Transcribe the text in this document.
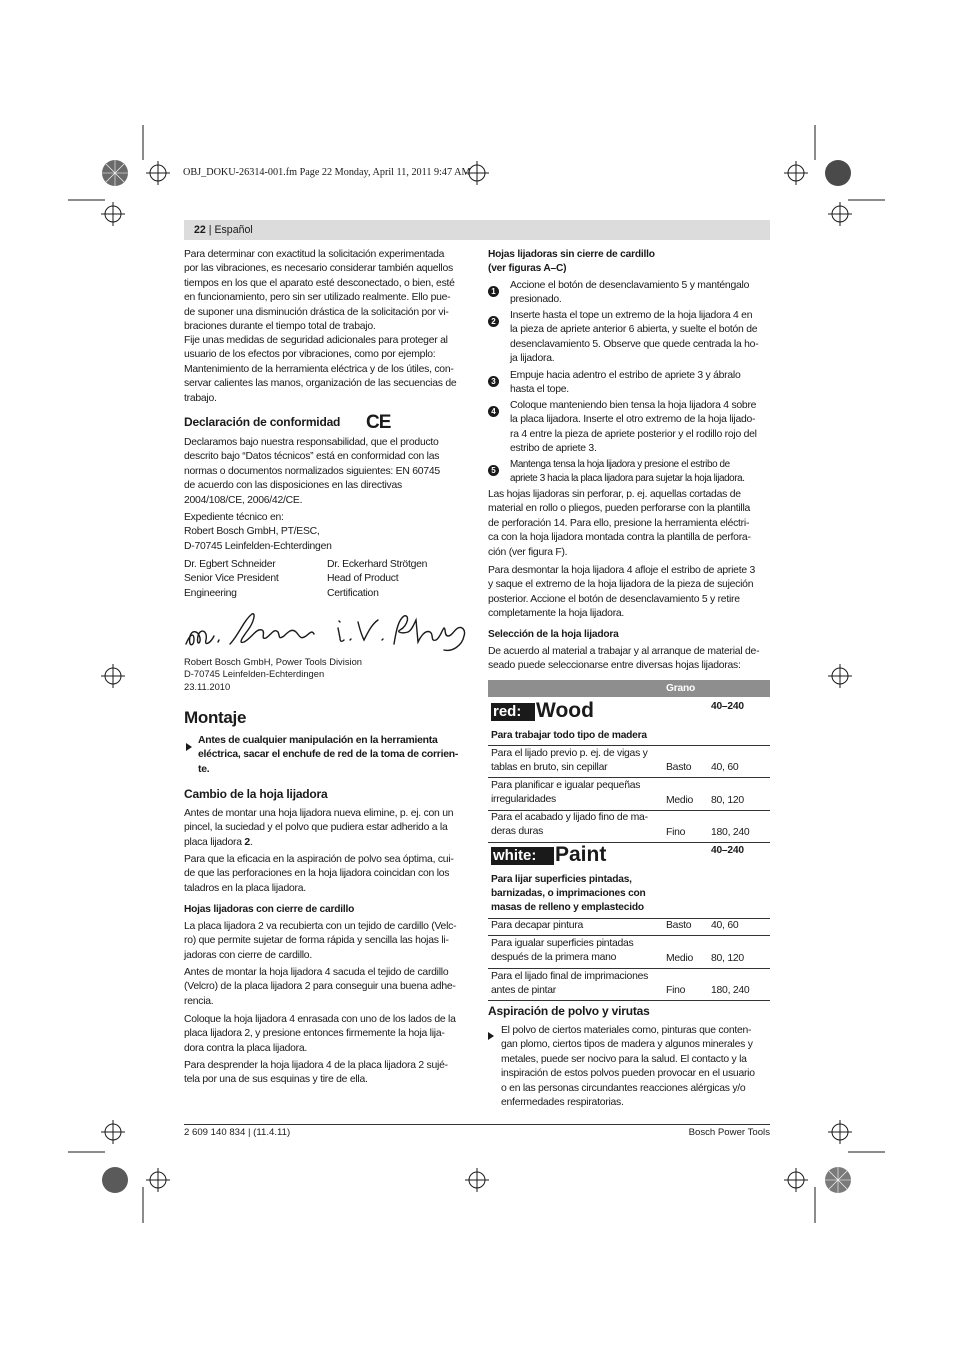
OBJ_DOKU-26314-001.fm Page 22 Monday, April 11, 2011 9:47 AM
22 | Español
Para determinar con exactitud la solicitación experimentada
por las vibraciones, es necesario considerar también aquellos
tiempos en los que el aparato esté desconectado, o bien, esté
en funcionamiento, pero sin ser utilizado realmente. Ello pue-
de suponer una disminución drástica de la solicitación por vi-
braciones durante el tiempo total de trabajo.
Fije unas medidas de seguridad adicionales para proteger al
usuario de los efectos por vibraciones, como por ejemplo:
Mantenimiento de la herramienta eléctrica y de los útiles, con-
servar calientes las manos, organización de las secuencias de
trabajo.
Declaración de conformidad CE
Declaramos bajo nuestra responsabilidad, que el producto
descrito bajo “Datos técnicos” está en conformidad con las
normas o documentos normalizados siguientes: EN 60745
de acuerdo con las disposiciones en las directivas
2004/108/CE, 2006/42/CE.
Expediente técnico en:
Robert Bosch GmbH, PT/ESC,
D-70745 Leinfelden-Echterdingen
Dr. Egbert Schneider
Senior Vice President
Engineering
Dr. Eckerhard Strötgen
Head of Product
Certification
Robert Bosch GmbH, Power Tools Division
D-70745 Leinfelden-Echterdingen
23.11.2010
Montaje
Antes de cualquier manipulación en la herramienta
eléctrica, sacar el enchufe de red de la toma de corrien-
te.
Cambio de la hoja lijadora
Antes de montar una hoja lijadora nueva elimine, p. ej. con un
pincel, la suciedad y el polvo que pudiera estar adherido a la
placa lijadora 2.
Para que la eficacia en la aspiración de polvo sea óptima, cui-
de que las perforaciones en la hoja lijadora coincidan con los
taladros en la placa lijadora.
Hojas lijadoras con cierre de cardillo
La placa lijadora 2 va recubierta con un tejido de cardillo (Velc-
ro) que permite sujetar de forma rápida y sencilla las hojas li-
jadoras con cierre de cardillo.
Antes de montar la hoja lijadora 4 sacuda el tejido de cardillo
(Velcro) de la placa lijadora 2 para conseguir una buena adhe-
rencia.
Coloque la hoja lijadora 4 enrasada con uno de los lados de la
placa lijadora 2, y presione entonces firmemente la hoja lija-
dora contra la placa lijadora.
Para desprender la hoja lijadora 4 de la placa lijadora 2 sujé-
tela por una de sus esquinas y tire de ella.
Hojas lijadoras sin cierre de cardillo
(ver figuras A–C)
1
Accione el botón de desenclavamiento 5 y manténgalo
presionado.
2
Inserte hasta el tope un extremo de la hoja lijadora 4 en
la pieza de apriete anterior 6 abierta, y suelte el botón de
desenclavamiento 5. Observe que quede centrada la ho-
ja lijadora.
3
Empuje hacia adentro el estribo de apriete 3 y ábralo
hasta el tope.
4
Coloque manteniendo bien tensa la hoja lijadora 4 sobre
la placa lijadora. Inserte el otro extremo de la hoja lijado-
ra 4 entre la pieza de apriete posterior y el rodillo rojo del
estribo de apriete 3.
5
Mantenga tensa la hoja lijadora y presione el estribo de
apriete 3 hacia la placa lijadora para sujetar la hoja lijadora.
Las hojas lijadoras sin perforar, p. ej. aquellas cortadas de
material en rollo o pliegos, pueden perforarse con la plantilla
de perforación 14. Para ello, presione la herramienta eléctri-
ca con la hoja lijadora montada contra la plantilla de perfora-
ción (ver figura F).
Para desmontar la hoja lijadora 4 afloje el estribo de apriete 3
y saque el extremo de la hoja lijadora de la pieza de sujeción
posterior. Accione el botón de desenclavamiento 5 y retire
completamente la hoja lijadora.
Selección de la hoja lijadora
De acuerdo al material a trabajar y al arranque de material de-
seado puede seleccionarse entre diversas hojas lijadoras:
Grano
red: Wood	40–240
Para trabajar todo tipo de madera
Para el lijado previo p. ej. de vigas y
tablas en bruto, sin cepillar	Basto 40, 60
Para planificar e igualar pequeñas
irregularidades	Medio 80, 120
Para el acabado y lijado fino de ma-
deras duras	Fino 180, 240
white: Paint	40–240
Para lijar superficies pintadas,
barnizadas, o imprimaciones con
masas de relleno y emplastecido
Para decapar pintura	Basto 40, 60
Para igualar superficies pintadas
después de la primera mano	Medio 80, 120
Para el lijado final de imprimaciones
antes de pintar	Fino 180, 240
Aspiración de polvo y virutas
El polvo de ciertos materiales como, pinturas que conten-
gan plomo, ciertos tipos de madera y algunos minerales y
metales, puede ser nocivo para la salud. El contacto y la
inspiración de estos polvos pueden provocar en el usuario
o en las personas circundantes reacciones alérgicas y/o
enfermedades respiratorias.
2 609 140 834 | (11.4.11)	Bosch Power Tools
